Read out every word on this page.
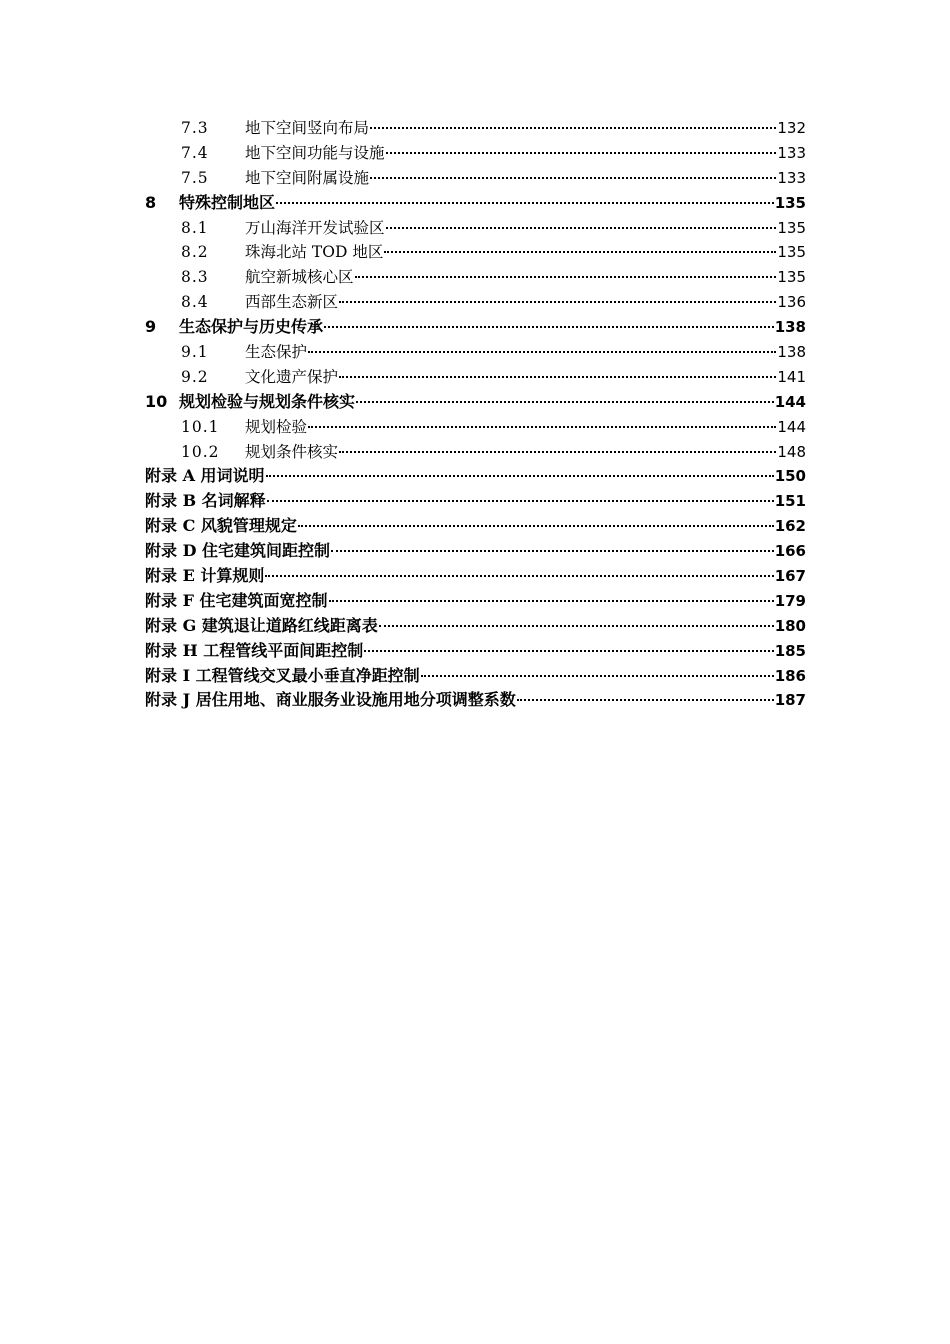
7.3	地下空间竖向布局	132
7.4	地下空间功能与设施	133
7.5	地下空间附属设施	133
8	特殊控制地区	135
8.1	万山海洋开发试验区	135
8.2	珠海北站 TOD 地区	135
8.3	航空新城核心区	135
8.4	西部生态新区	136
9	生态保护与历史传承	138
9.1	生态保护	138
9.2	文化遗产保护	141
10 规划检验与规划条件核实	144
10.1	规划检验	144
10.2	规划条件核实	148
附录 A 用词说明	150
附录 B 名词解释	151
附录 C 风貌管理规定	162
附录 D 住宅建筑间距控制	166
附录 E 计算规则	167
附录 F 住宅建筑面宽控制	179
附录 G 建筑退让道路红线距离表	180
附录 H 工程管线平面间距控制	185
附录 I 工程管线交叉最小垂直净距控制	186
附录 J 居住用地、商业服务业设施用地分项调整系数	187
